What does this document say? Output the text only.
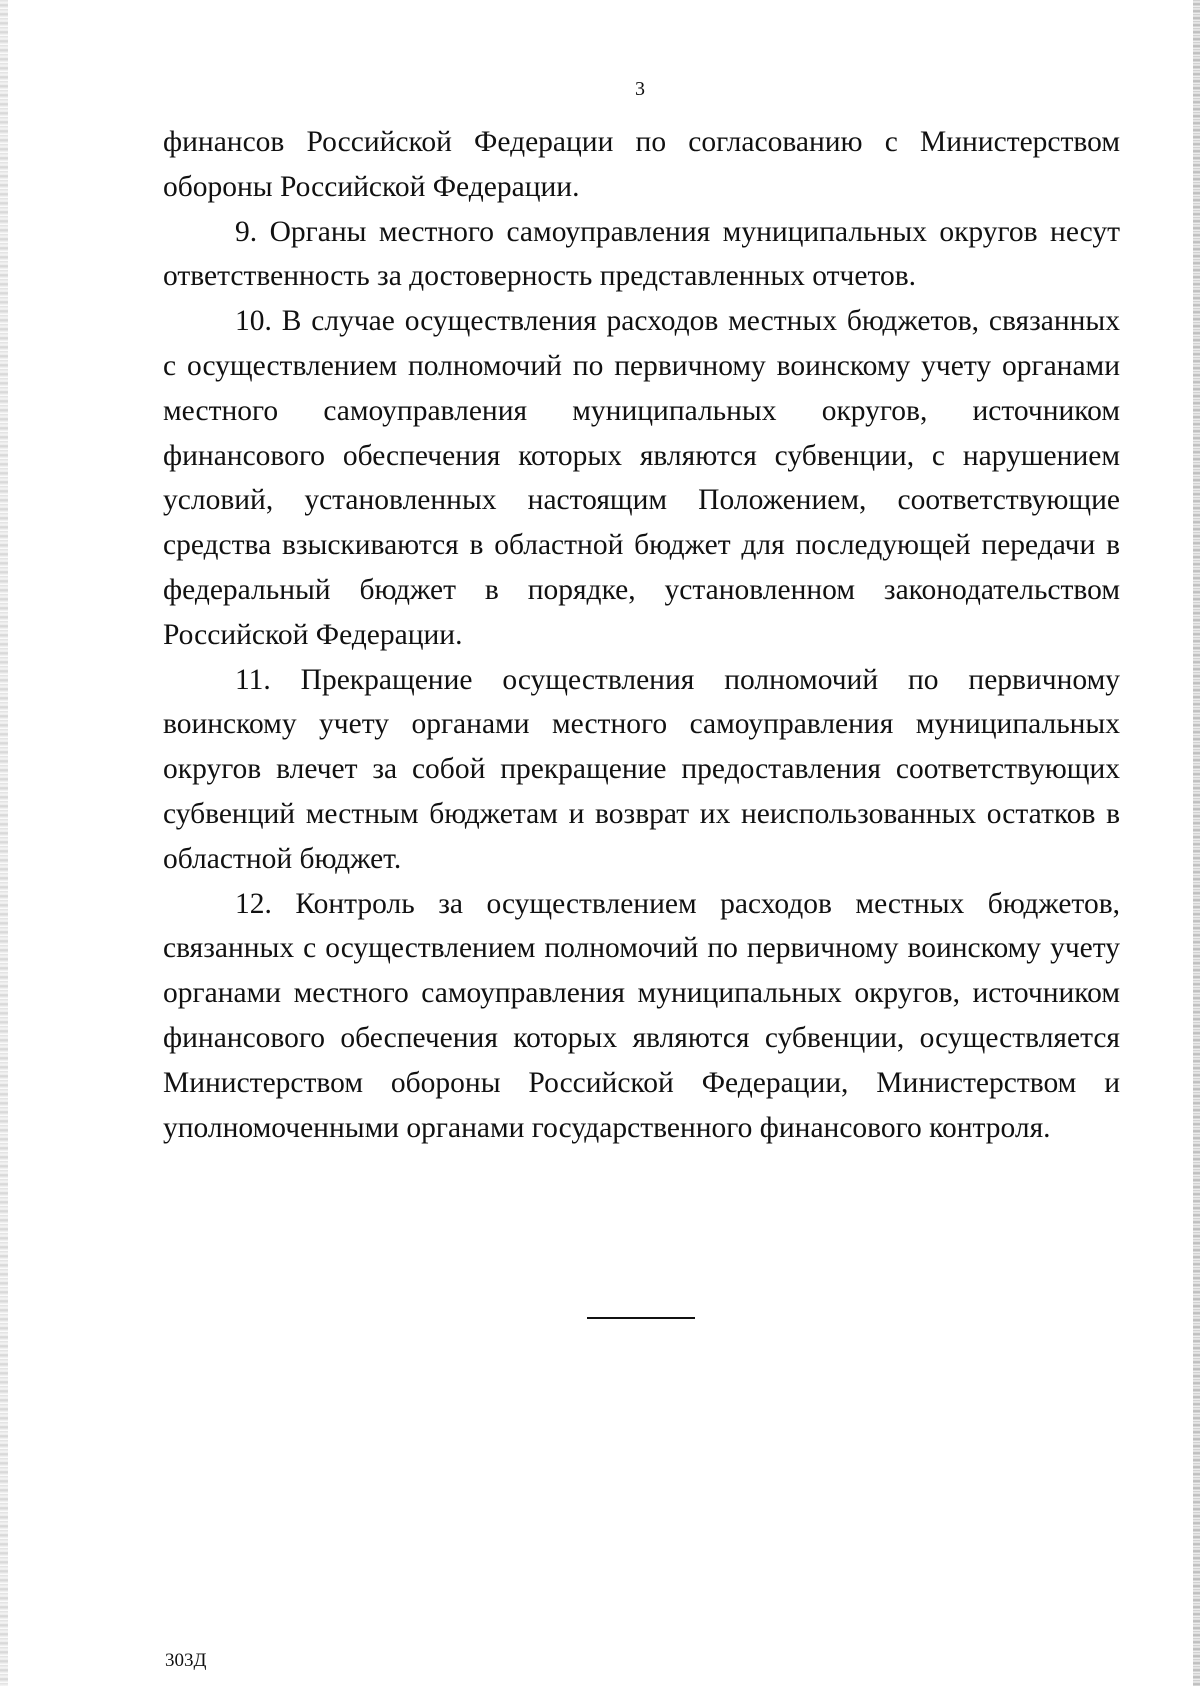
3

финансов Российской Федерации по согласованию с Министерством обороны Российской Федерации.

9. Органы местного самоуправления муниципальных округов несут ответственность за достоверность представленных отчетов.

10. В случае осуществления расходов местных бюджетов, связанных с осуществлением полномочий по первичному воинскому учету органами местного самоуправления муниципальных округов, источником финансового обеспечения которых являются субвенции, с нарушением условий, установленных настоящим Положением, соответствующие средства взыскиваются в областной бюджет для последующей передачи в федеральный бюджет в порядке, установленном законодательством Российской Федерации.

11. Прекращение осуществления полномочий по первичному воинскому учету органами местного самоуправления муниципальных округов влечет за собой прекращение предоставления соответствующих субвенций местным бюджетам и возврат их неиспользованных остатков в областной бюджет.

12. Контроль за осуществлением расходов местных бюджетов, связанных с осуществлением полномочий по первичному воинскому учету органами местного самоуправления муниципальных округов, источником финансового обеспечения которых являются субвенции, осуществляется Министерством обороны Российской Федерации, Министерством и уполномоченными органами государственного финансового контроля.

303Д
